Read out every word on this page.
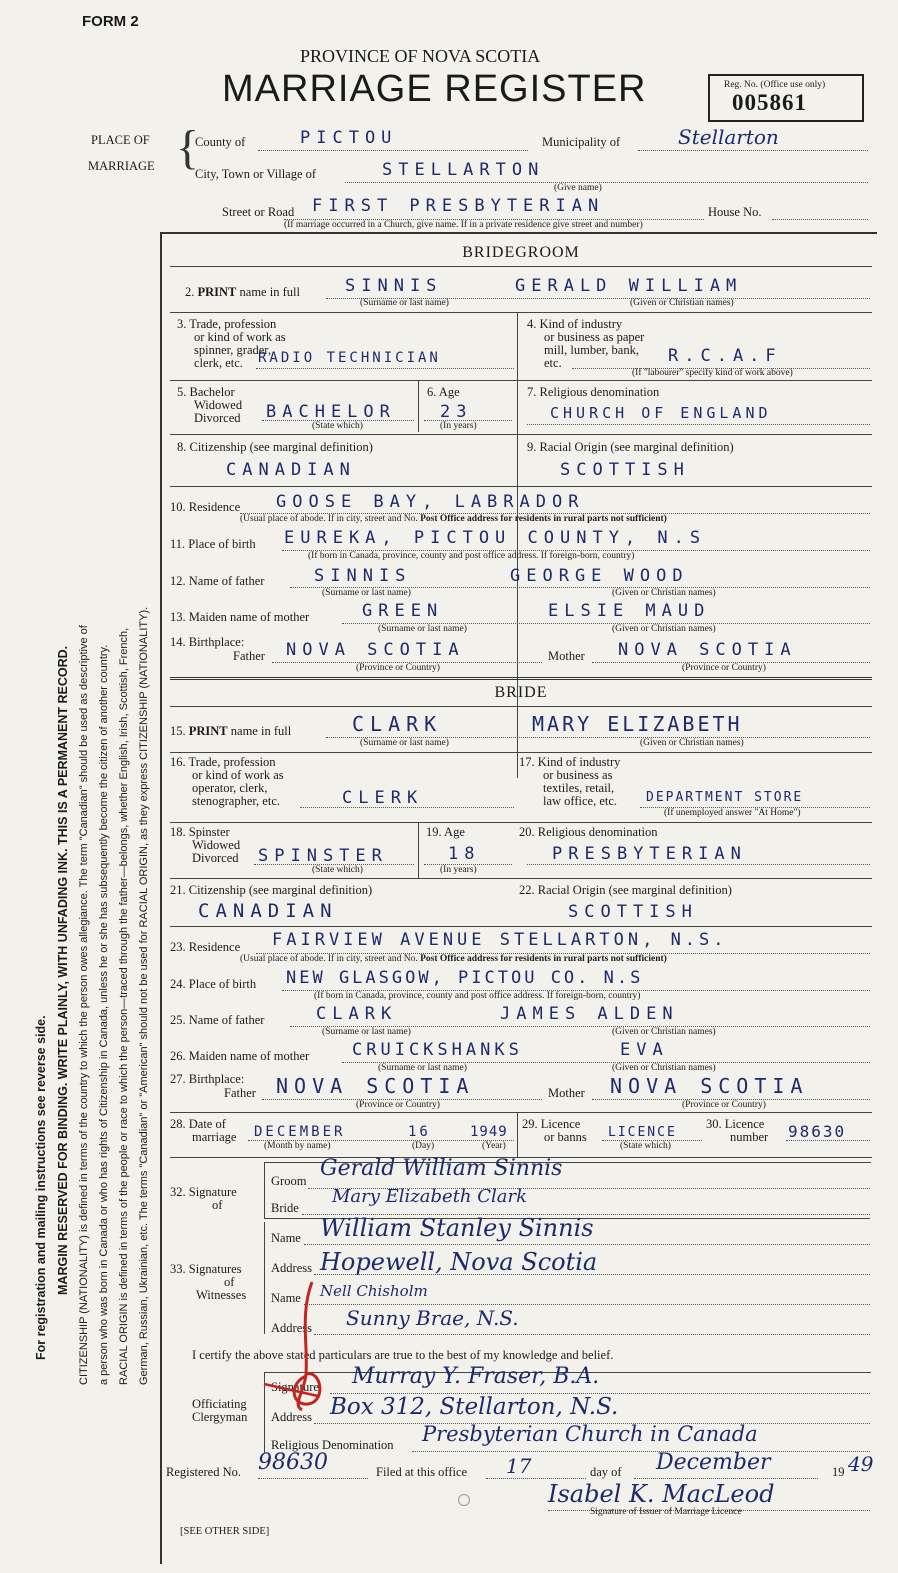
FORM 2
PROVINCE OF NOVA SCOTIA
MARRIAGE REGISTER	Reg. No. (Office use only)
005861
PLACE OF
MARRIAGE {
County of	PICTOU	Municipality of	Stellarton
City, Town or Village of	STELLARTON
(Give name)
Street or Road FIRST PRESBYTERIAN	House No.
(If marriage occurred in a Church, give name. If in a private residence give street and number)
For registration and mailing instructions see reverse side. MARGIN RESERVED FOR BINDING. WRITE PLAINLY, WITH UNFADING INK. THIS IS A PERMANENT RECORD. CITIZENSHIP (NATIONALITY) is defined in terms of the country to which the person owes allegiance. The term "Canadian" should be used as descriptive of a person who was born in Canada or who has rights of Citizenship in Canada, unless he or she has subsequently become the citizen of another country. RACIAL ORIGIN is defined in terms of the people or race to which the person—traced through the father—belongs, whether English, Irish, Scottish, French, German, Russian, Ukrainian, etc. The terms "Canadian" or "American" should not be used for RACIAL ORIGIN, as they express CITIZENSHIP (NATIONALITY).
BRIDEGROOM
2. PRINT name in full	SINNIS	GERALD WILLIAM
(Surname or last name)	(Given or Christian names)
3. Trade, profession
or kind of work as
spinner, grader,
clerk, etc.	RADIO TECHNICIAN
4. Kind of industry
or business as paper
mill, lumber, bank,
etc.	R.C.A.F
(If "labourer" specify kind of work above)
5. Bachelor
Widowed
Divorced BACHELOR
(State which)
6. Age
23
(In years)
7. Religious denomination
CHURCH OF ENGLAND
8. Citizenship (see marginal definition)
CANADIAN
9. Racial Origin (see marginal definition)
SCOTTISH
10. Residence GOOSE BAY, LABRADOR
(Usual place of abode. If in city, street and No. Post Office address for residents in rural parts not sufficient)
11. Place of birth EUREKA, PICTOU COUNTY, N.S
(If born in Canada, province, county and post office address. If foreign-born, country)
12. Name of father	SINNIS	GEORGE WOOD
(Surname or last name)	(Given or Christian names)
13. Maiden name of mother	GREEN	ELSIE MAUD
(Surname or last name)	(Given or Christian names)
14. Birthplace:
Father NOVA SCOTIA	Mother NOVA SCOTIA
(Province or Country)	(Province or Country)
BRIDE
15. PRINT name in full	CLARK	MARY ELIZABETH
(Surname or last name)	(Given or Christian names)
16. Trade, profession
or kind of work as
operator, clerk,
stenographer, etc.	CLERK
17. Kind of industry
or business as
textiles, retail,
law office, etc. DEPARTMENT STORE
(If unemployed answer "At Home")
18. Spinster
Widowed
Divorced SPINSTER
(State which)
19. Age
18
(In years)
20. Religious denomination
PRESBYTERIAN
21. Citizenship (see marginal definition)
CANADIAN
22. Racial Origin (see marginal definition)
SCOTTISH
23. Residence FAIRVIEW AVENUE STELLARTON, N.S.
(Usual place of abode. If in city, street and No. Post Office address for residents in rural parts not sufficient)
24. Place of birth NEW GLASGOW, PICTOU CO. N.S
(If born in Canada, province, county and post office address. If foreign-born, country)
25. Name of father	CLARK	JAMES ALDEN
(Surname or last name)	(Given or Christian names)
26. Maiden name of mother	CRUICKSHANKS	EVA
(Surname or last name)	(Given or Christian names)
27. Birthplace:
Father NOVA SCOTIA	Mother NOVA SCOTIA
(Province or Country)	(Province or Country)
28. Date of
marriage DECEMBER	16	1949
(Month by name)	(Day)	(Year)
29. Licence
or banns LICENCE
(State which)
30. Licence
number 98630
32. Signature
of
Groom Gerald William Sinnis
Bride
Mary Elizabeth Clark
33. Signatures
of
Witnesses
Name William Stanley Sinnis
Address Hopewell, Nova Scotia
Name Nell Chisholm
Address Sunny Brae, N.S.
I certify the above stated particulars are true to the best of my knowledge and belief.
Officiating
Clergyman
Signature Murray Y. Fraser, B.A.
Address Box 312, Stellarton, N.S.
Religious Denomination Presbyterian Church in Canada
Registered No. 98630	Filed at this office 17	day of December	19 49
Isabel K. MacLeod
Signature of Issuer of Marriage Licence
[SEE OTHER SIDE]
